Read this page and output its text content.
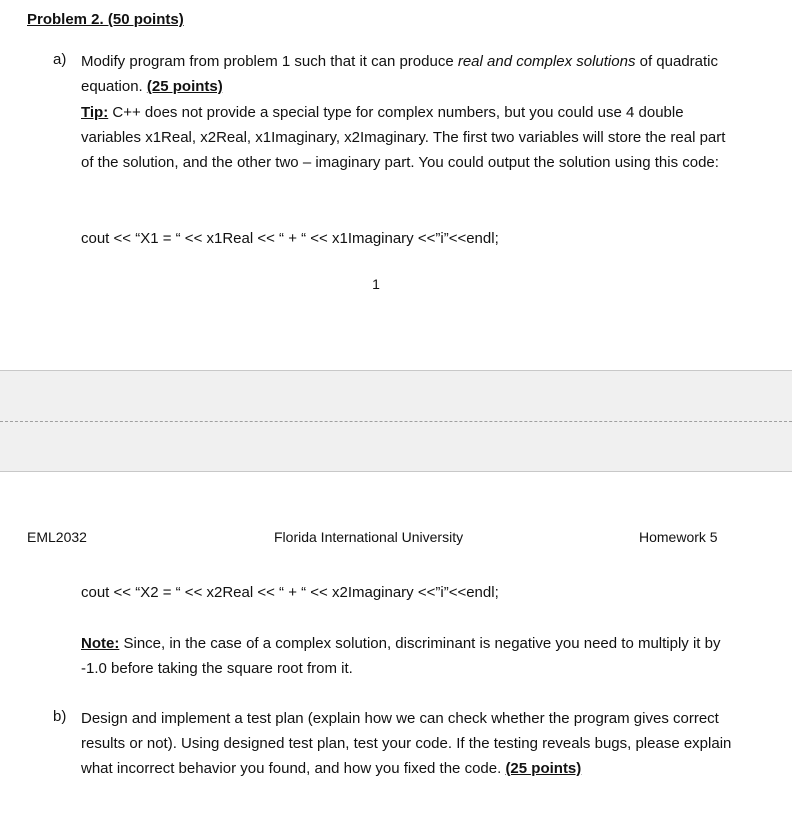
Problem 2. (50 points)
a) Modify program from problem 1 such that it can produce real and complex solutions of quadratic equation. (25 points)
Tip: C++ does not provide a special type for complex numbers, but you could use 4 double variables x1Real, x2Real, x1Imaginary, x2Imaginary. The first two variables will store the real part of the solution, and the other two – imaginary part. You could output the solution using this code:
cout << “X1 = “ << x1Real << “ + “ << x1Imaginary <<”i”<<endl;
1
EML2032	Florida International University	Homework 5
cout << “X2 = “ << x2Real << “ + “ << x2Imaginary <<”i”<<endl;
Note: Since, in the case of a complex solution, discriminant is negative you need to multiply it by -1.0 before taking the square root from it.
b) Design and implement a test plan (explain how we can check whether the program gives correct results or not). Using designed test plan, test your code. If the testing reveals bugs, please explain what incorrect behavior you found, and how you fixed the code. (25 points)
